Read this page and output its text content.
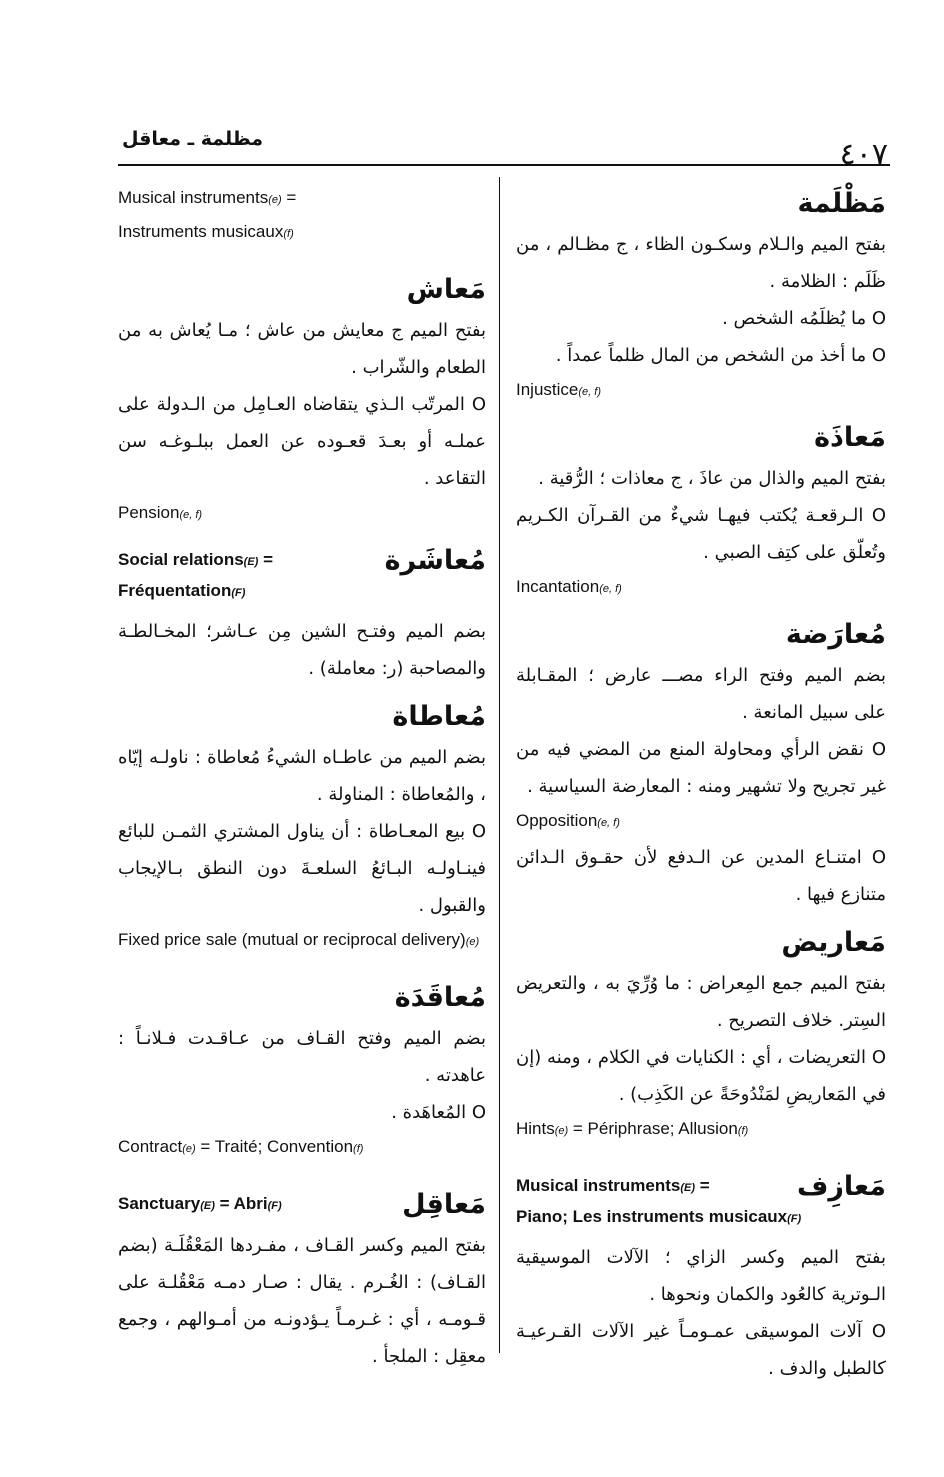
مظلمة ـ معاقل	٤٠٧
Musical instruments(e) =
Instruments musicaux(f)
مَعاش
بفتح الميم ج معايش من عاش ؛ مـا يُعاش به من الطعام والشّراب .
O المرتّب الـذي يتقاضاه العـامِل من الـدولة على عملـه أو بعـدَ قعـوده عن العمل ببلـوغـه سن التقاعد .
Pension(e, f)
مُعاشَرة
Social relations(E) =
Fréquentation(F)
بضم الميم وفتـح الشين مِن عـاشر؛ المخـالطـة والمصاحبة (ر: معاملة) .
مُعاطاة
بضم الميم من عاطـاه الشيءُ مُعاطاة : ناولـه إيّاه ، والمُعاطاة : المناولة .
O بيع المعـاطاة : أن يناول المشتري الثمـن للبائع فينـاولـه البـائعُ السلعـةَ دون النطق بـالإيجاب والقبول .
Fixed price sale (mutual or reciprocal delivery)(e)
مُعاقَدَة
بضم الميم وفتح القـاف من عـاقـدت فـلانـاً : عاهدته .
O المُعاهَدة .
Contract(e) = Traité; Convention(f)
مَعاقِل
Sanctuary(E) = Abri(F)
بفتح الميم وكسر القـاف ، مفـردها المَعْقُلَـة (بضم القـاف) : الغُـرم . يقال : صـار دمـه مَعْقُلـة على قـومـه ، أي : غـرمـاً يـؤدونـه من أمـوالهم ، وجمع معقِل : الملجأ .
مَظْلَمة
بفتح الميم والـلام وسكـون الظاء ، ج مظـالم ، من ظَلَم : الظلامة .
O ما يُظلَمُه الشخص .
O ما أخذ من الشخص من المال ظلماً عمداً .
Injustice(e, f)
مَعاذَة
بفتح الميم والذال من عاذَ ، ج معاذات ؛ الرُّقية .
O الـرقعـة يُكتب فيهـا شيءٌ من القـرآن الكـريم وتُعلّق على كتِف الصبي .
Incantation(e, f)
مُعارَضة
بضم الميم وفتح الراء مصـــ عارض ؛ المقـابلة على سبيل المانعة .
O نقض الرأي ومحاولة المنع من المضي فيه من غير تجريح ولا تشهير ومنه : المعارضة السياسية .
Opposition(e, f)
O امتنـاع المدين عن الـدفع لأن حقـوق الـدائن متنازع فيها .
مَعاريض
بفتح الميم جمع المِعراض : ما وُرِّيَ به ، والتعريض السِتر. خلاف التصريح .
O التعريضات ، أي : الكنايات في الكلام ، ومنه (إن في المَعاريضِ لمَنْدُوحَةً عن الكَذِب) .
Hints(e) = Périphrase; Allusion(f)
مَعازِف
Musical instruments(E) =
Piano; Les instruments musicaux(F)
بفتح الميم وكسر الزاي ؛ الآلات الموسيقية الـوترية كالعُود والكمان ونحوها .
O آلات الموسيقى عمـومـاً غير الآلات القـرعيـة كالطبل والدف .
